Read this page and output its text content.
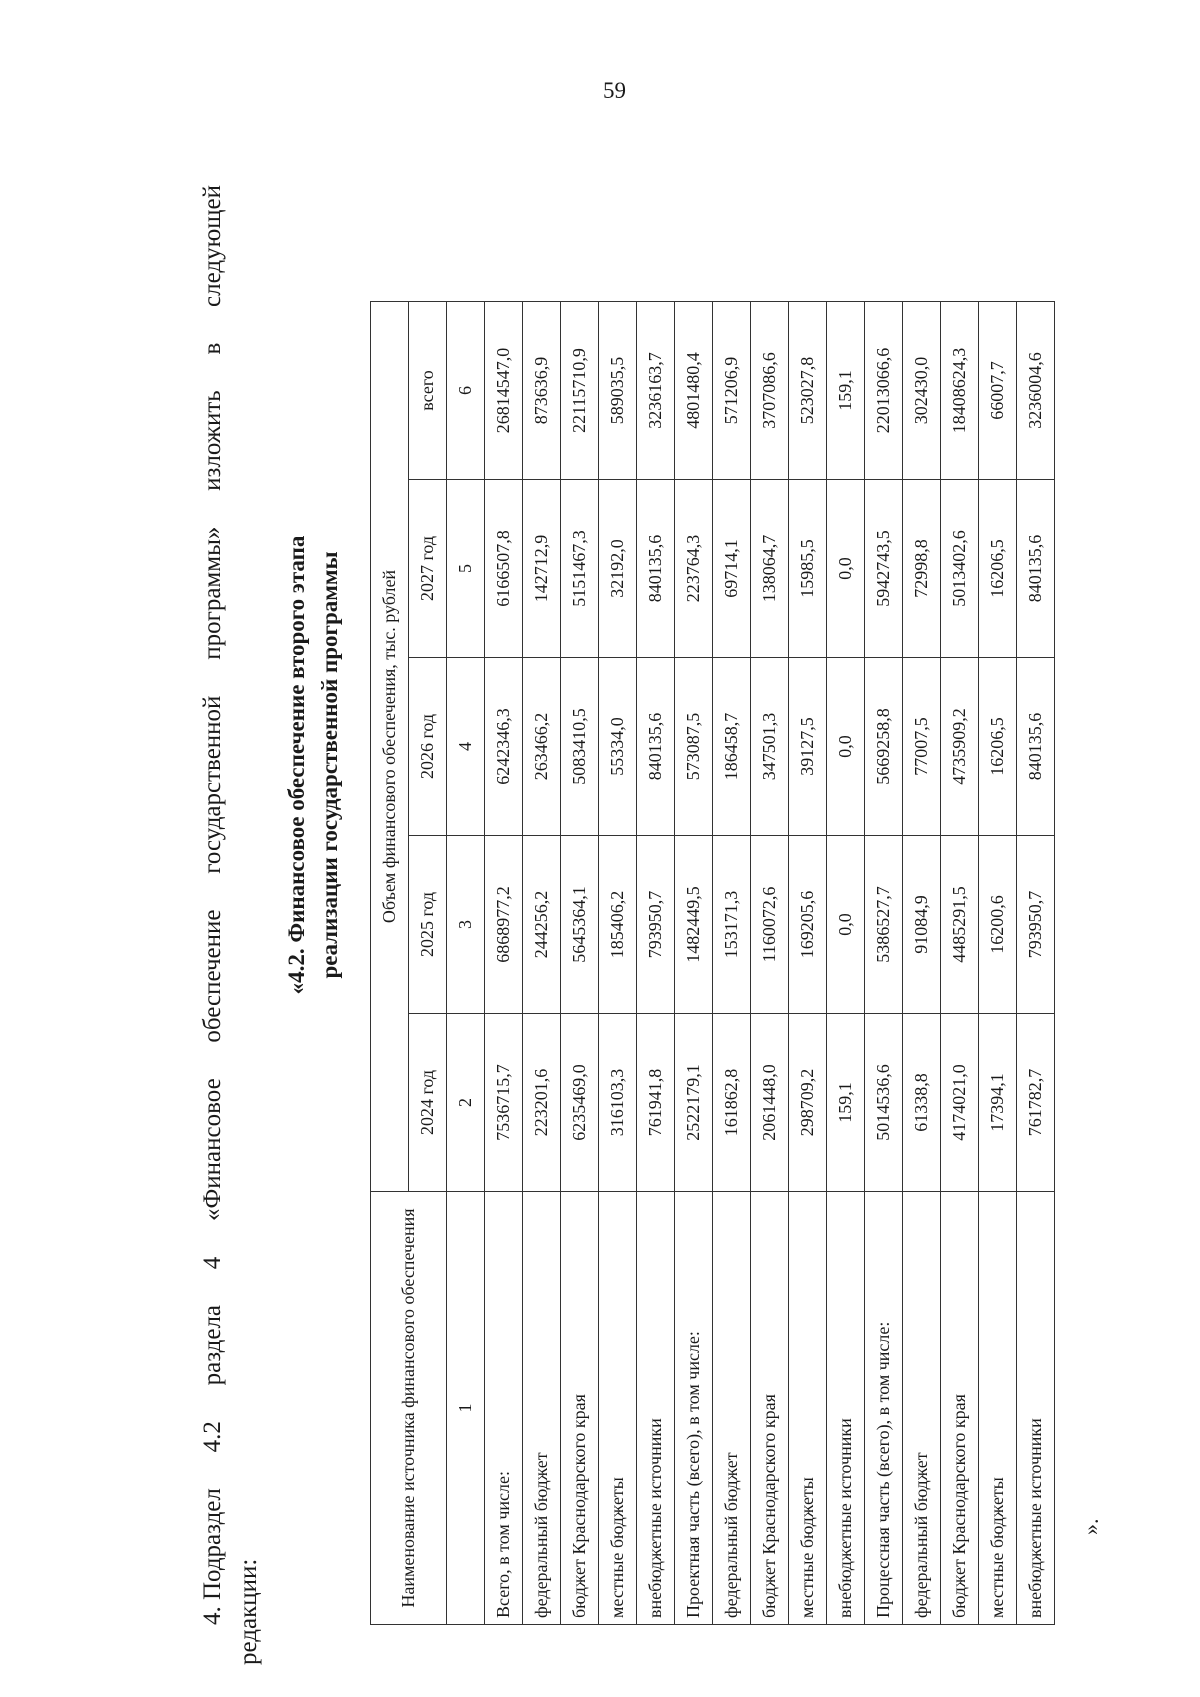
59
4. Подраздел
4.2
раздела
4
«Финансовое
обеспечение
государственной
программы»
изложить
в
следующей
редакции:
«4.2. Финансовое обеспечение второго этапа реализации государственной программы
Наименование источника финансового обеспечения	Объем финансового обеспечения, тыс. рублей				
	2024 год	2025 год	2026 год	2027 год	всего
1	2	3	4	5	6
Всего, в том числе:	7536715,7	6868977,2	6242346,3	6166507,8	26814547,0
федеральный бюджет	223201,6	244256,2	263466,2	142712,9	873636,9
бюджет Краснодарского края	6235469,0	5645364,1	5083410,5	5151467,3	22115710,9
местные бюджеты	316103,3	185406,2	55334,0	32192,0	589035,5
внебюджетные источники	761941,8	793950,7	840135,6	840135,6	3236163,7
Проектная часть (всего), в том числе:	2522179,1	1482449,5	573087,5	223764,3	4801480,4
федеральный бюджет	161862,8	153171,3	186458,7	69714,1	571206,9
бюджет Краснодарского края	2061448,0	1160072,6	347501,3	138064,7	3707086,6
местные бюджеты	298709,2	169205,6	39127,5	15985,5	523027,8
внебюджетные источники	159,1	0,0	0,0	0,0	159,1
Процессная часть (всего), в том числе:	5014536,6	5386527,7	5669258,8	5942743,5	22013066,6
федеральный бюджет	61338,8	91084,9	77007,5	72998,8	302430,0
бюджет Краснодарского края	4174021,0	4485291,5	4735909,2	5013402,6	18408624,3
местные бюджеты	17394,1	16200,6	16206,5	16206,5	66007,7
внебюджетные источники	761782,7	793950,7	840135,6	840135,6	3236004,6
».
